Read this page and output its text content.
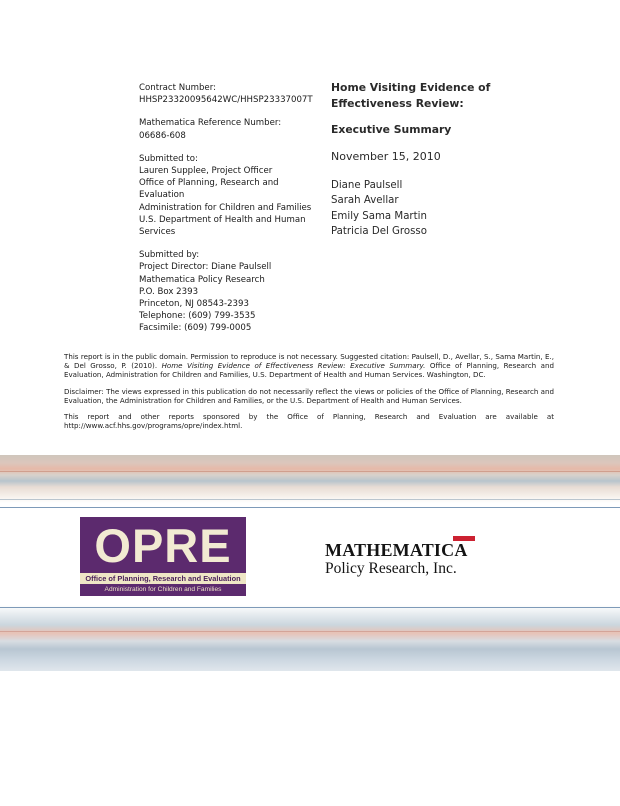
Contract Number:
HHSP23320095642WC/HHSP23337007T
Mathematica Reference Number:
06686-608
Submitted to:
Lauren Supplee, Project Officer
Office of Planning, Research and Evaluation
Administration for Children and Families
U.S. Department of Health and Human Services
Submitted by:
Project Director: Diane Paulsell
Mathematica Policy Research
P.O. Box 2393
Princeton, NJ 08543-2393
Telephone: (609) 799-3535
Facsimile: (609) 799-0005
Home Visiting Evidence of
Effectiveness Review:
Executive Summary
November 15, 2010
Diane Paulsell
Sarah Avellar
Emily Sama Martin
Patricia Del Grosso

This report is in the public domain. Permission to reproduce is not necessary. Suggested citation: Paulsell, D., Avellar, S., Sama Martin, E., & Del Grosso, P. (2010). Home Visiting Evidence of Effectiveness Review: Executive Summary. Office of Planning, Research and Evaluation, Administration for Children and Families, U.S. Department of Health and Human Services. Washington, DC.

Disclaimer: The views expressed in this publication do not necessarily reflect the views or policies of the Office of Planning, Research and Evaluation, the Administration for Children and Families, or the U.S. Department of Health and Human Services.

This report and other reports sponsored by the Office of Planning, Research and Evaluation are available at http://www.acf.hhs.gov/programs/opre/index.html.

OPRE
Office of Planning, Research and Evaluation
Administration for Children and Families
MATHEMATICA
Policy Research, Inc.
